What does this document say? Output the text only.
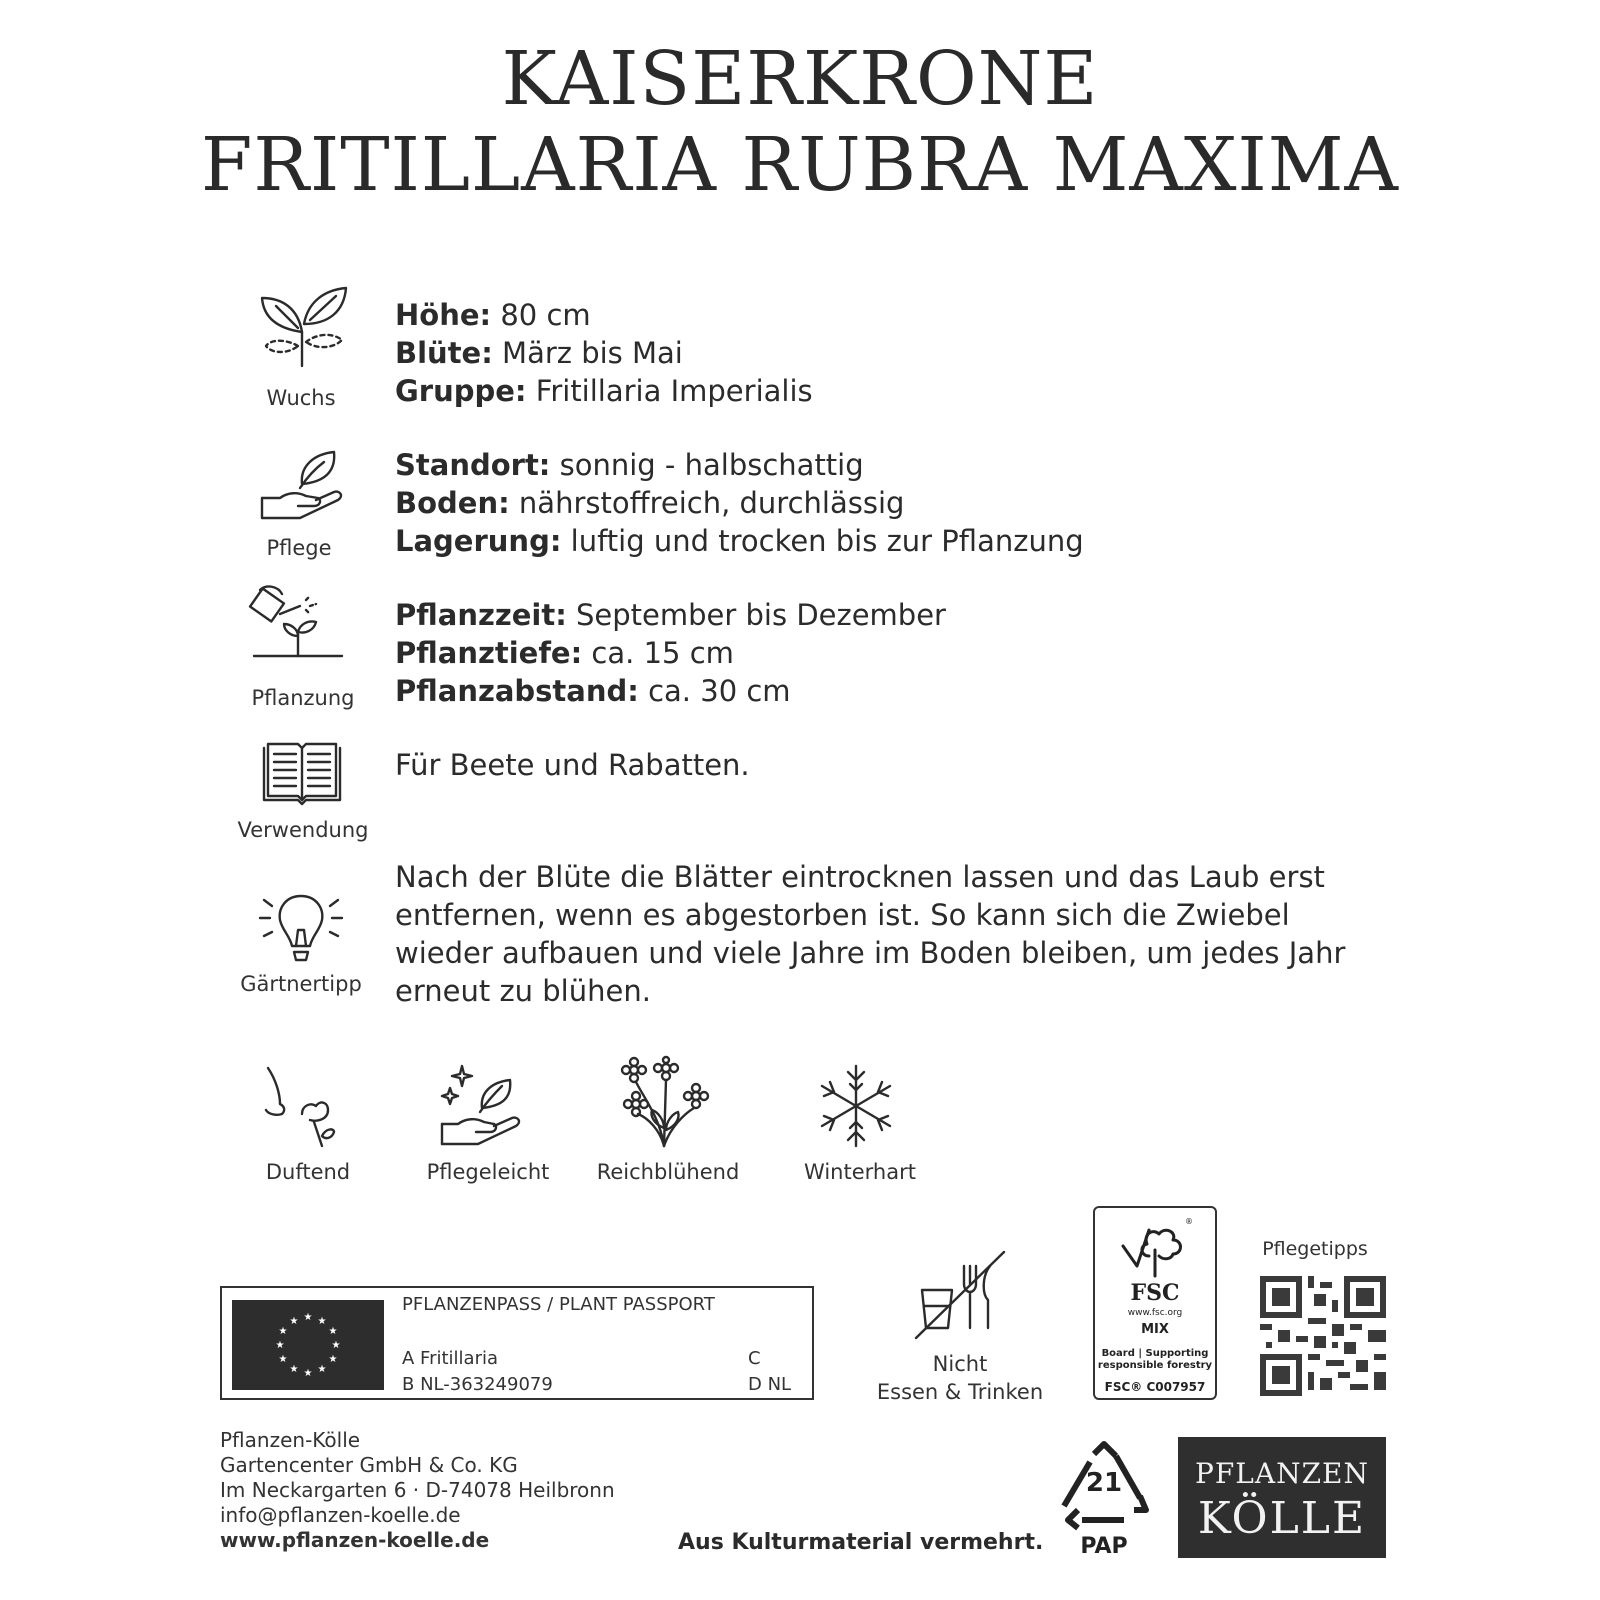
KAISERKRONE
FRITILLARIA RUBRA MAXIMA
Wuchs
Höhe: 80 cm
Blüte: März bis Mai
Gruppe: Fritillaria Imperialis
Pflege
Standort: sonnig - halbschattig
Boden: nährstoffreich, durchlässig
Lagerung: luftig und trocken bis zur Pflanzung
Pflanzung
Pflanzzeit: September bis Dezember
Pflanztiefe: ca. 15 cm
Pflanzabstand: ca. 30 cm
Verwendung
Für Beete und Rabatten.
Gärtnertipp
Nach der Blüte die Blätter eintrocknen lassen und das Laub erst
entfernen, wenn es abgestorben ist. So kann sich die Zwiebel
wieder aufbauen und viele Jahre im Boden bleiben, um jedes Jahr
erneut zu blühen.
Duftend	Pflegeleicht	Reichblühend	Winterhart
★ ★
★
★
★
★
★
★
★
★
★
★
PFLANZENPASS / PLANT PASSPORT
A Fritillaria
B NL-363249079
C
D NL
Nicht
Essen & Trinken
®
FSC
www.fsc.org
MIX
Board | Supporting
responsible forestry
FSC® C007957
Pflegetipps
Pflanzen-Kölle
Gartencenter GmbH & Co. KG
Im Neckargarten 6 · D-74078 Heilbronn
info@pflanzen-koelle.de
www.pflanzen-koelle.de	Aus Kulturmaterial vermehrt.
21
PAP
PFLANZEN
KÖLLE
